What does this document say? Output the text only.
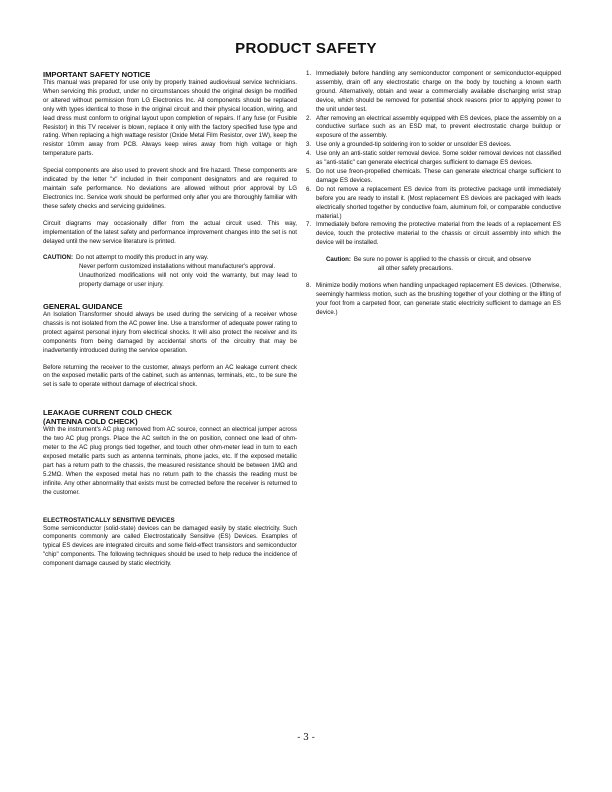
PRODUCT SAFETY
IMPORTANT SAFETY NOTICE

This manual was prepared for use only by properly trained audiovisual service technicians. When servicing this product, under no circumstances should the original design be modified or altered without permission from LG Electronics Inc. All components should be replaced only with types identical to those in the original circuit and their physical location, wiring, and lead dress must conform to original layout upon completion of repairs. If any fuse (or Fusible Resistor) in this TV receiver is blown, replace it only with the factory specified fuse type and rating. When replacing a high wattage resistor (Oxide Metal Film Resistor, over 1W), keep the resistor 10mm away from PCB. Always keep wires away from high voltage or high temperature parts.

Special components are also used to prevent shock and fire hazard. These components are indicated by the letter "x" included in their component designators and are required to maintain safe performance. No deviations are allowed without prior approval by LG Electronics Inc. Service work should be performed only after you are thoroughly familiar with these safety checks and servicing guidelines.

Circuit diagrams may occasionally differ from the actual circuit used. This way, implementation of the latest safety and performance improvement changes into the set is not delayed until the new service literature is printed.

CAUTION: Do not attempt to modify this product in any way.

Never perform customized installations without manufacturer's approval.

Unauthorized modifications will not only void the warranty, but may lead to property damage or user injury.

GENERAL GUIDANCE

An Isolation Transformer should always be used during the servicing of a receiver whose chassis is not isolated from the AC power line. Use a transformer of adequate power rating to protect against personal injury from electrical shocks. It will also protect the receiver and its components from being damaged by accidental shorts of the circuitry that may be inadvertently introduced during the service operation.

Before returning the receiver to the customer, always perform an AC leakage current check on the exposed metallic parts of the cabinet, such as antennas, terminals, etc., to be sure the set is safe to operate without damage of electrical shock.

LEAKAGE CURRENT COLD CHECK
(ANTENNA COLD CHECK)

With the instrument's AC plug removed from AC source, connect an electrical jumper across the two AC plug prongs. Place the AC switch in the on position, connect one lead of ohm-meter to the AC plug prongs tied together, and touch other ohm-meter lead in turn to each exposed metallic parts such as antenna terminals, phone jacks, etc. If the exposed metallic part has a return path to the chassis, the measured resistance should be between 1MΩ and 5.2MΩ. When the exposed metal has no return path to the chassis the reading must be infinite. Any other abnormality that exists must be corrected before the receiver is returned to the customer.

ELECTROSTATICALLY SENSITIVE DEVICES

Some semiconductor (solid-state) devices can be damaged easily by static electricity. Such components commonly are called Electrostatically Sensitive (ES) Devices. Examples of typical ES devices are integrated circuits and some field-effect transistors and semiconductor "chip" components. The following techniques should be used to help reduce the incidence of component damage caused by static electricity.

1. Immediately before handling any semiconductor component or semiconductor-equipped assembly, drain off any electrostatic charge on the body by touching a known earth ground. Alternatively, obtain and wear a commercially available discharging wrist strap device, which should be removed for potential shock reasons prior to applying power to the unit under test.
2. After removing an electrical assembly equipped with ES devices, place the assembly on a conductive surface such as an ESD mat, to prevent electrostatic charge buildup or exposure of the assembly.
3. Use only a grounded-tip soldering iron to solder or unsolder ES devices.
4. Use only an anti-static solder removal device. Some solder removal devices not classified as "anti-static" can generate electrical charges sufficient to damage ES devices.
5. Do not use freon-propelled chemicals. These can generate electrical charge sufficient to damage ES devices.
6. Do not remove a replacement ES device from its protective package until immediately before you are ready to install it. (Most replacement ES devices are packaged with leads electrically shorted together by conductive foam, aluminum foil, or comparable conductive material.)
7. Immediately before removing the protective material from the leads of a replacement ES device, touch the protective material to the chassis or circuit assembly into which the device will be installed.
Caution: Be sure no power is applied to the chassis or circuit, and observe
all other safety precautions.
8. Minimize bodily motions when handling unpackaged replacement ES devices. (Otherwise, seemingly harmless motion, such as the brushing together of your clothing or the lifting of your foot from a carpeted floor, can generate static electricity sufficient to damage an ES device.)
- 3 -
